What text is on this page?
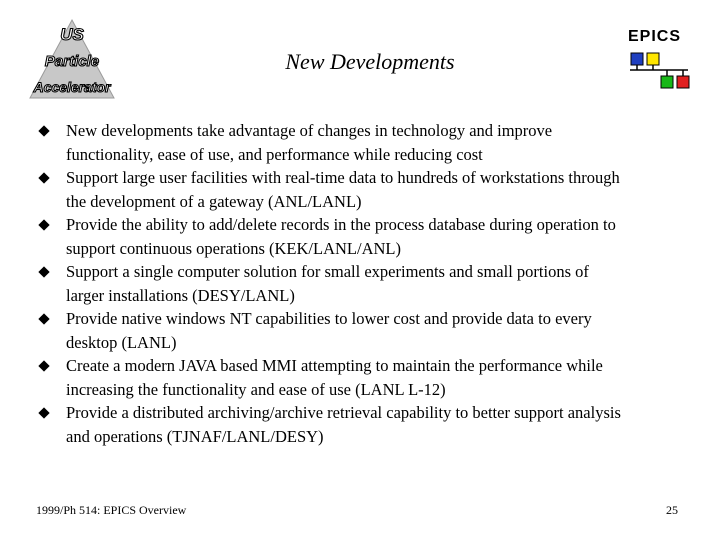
US
Particle
Accelerator
New Developments
EPICS
New developments take advantage of changes in technology and improve
functionality, ease of use, and performance while reducing cost
Support large user facilities with real-time data to hundreds of workstations through
the development of a gateway (ANL/LANL)
Provide the ability to add/delete records in the process database during operation to
support continuous operations (KEK/LANL/ANL)
Support a single computer solution for small experiments and small portions of
larger installations (DESY/LANL)
Provide native windows NT capabilities to lower cost and provide data to every
desktop (LANL)
Create a modern JAVA based MMI attempting to maintain the performance while
increasing the functionality and ease of use (LANL L-12)
Provide a distributed archiving/archive retrieval capability to better support analysis
and operations (TJNAF/LANL/DESY)
1999/Ph 514: EPICS Overview	25
